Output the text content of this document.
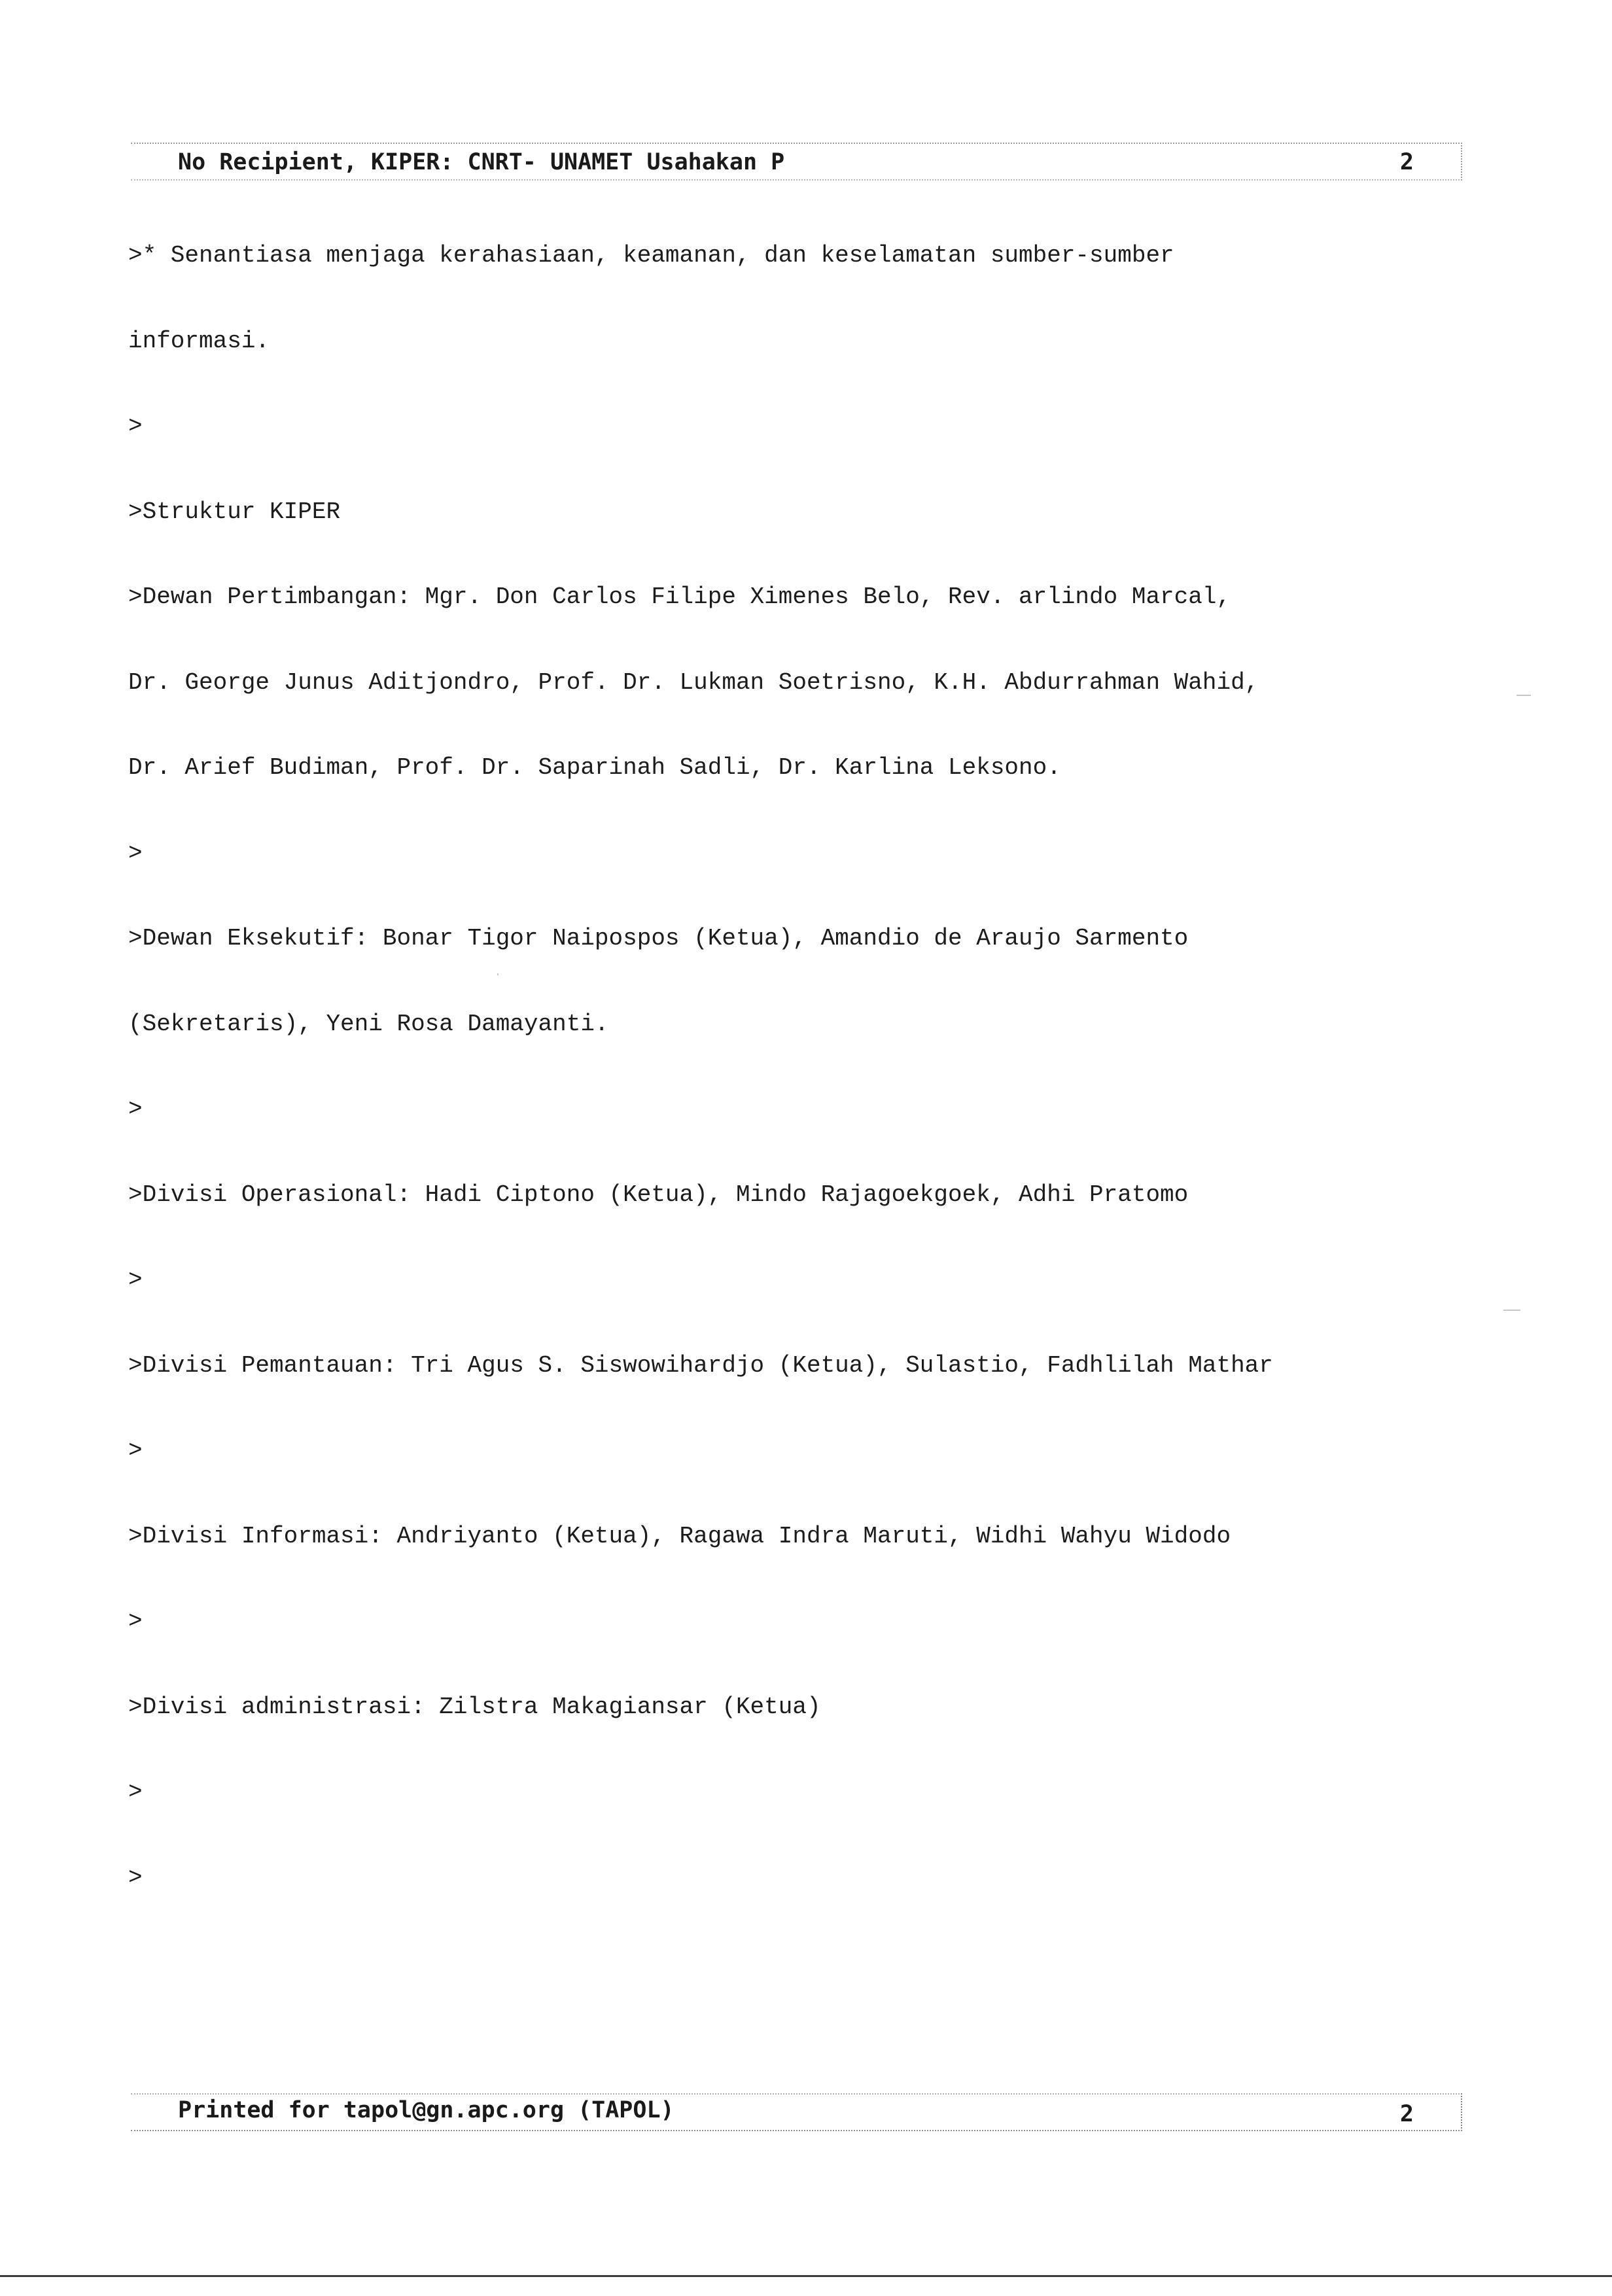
No Recipient, KIPER: CNRT- UNAMET Usahakan P	2

>* Senantiasa menjaga kerahasiaan, keamanan, dan keselamatan sumber-sumber

informasi.

>

>Struktur KIPER

>Dewan Pertimbangan: Mgr. Don Carlos Filipe Ximenes Belo, Rev. arlindo Marcal,

Dr. George Junus Aditjondro, Prof. Dr. Lukman Soetrisno, K.H. Abdurrahman Wahid,

Dr. Arief Budiman, Prof. Dr. Saparinah Sadli, Dr. Karlina Leksono.

>

>Dewan Eksekutif: Bonar Tigor Naipospos (Ketua), Amandio de Araujo Sarmento

(Sekretaris), Yeni Rosa Damayanti.

>

>Divisi Operasional: Hadi Ciptono (Ketua), Mindo Rajagoekgoek, Adhi Pratomo

>

>Divisi Pemantauan: Tri Agus S. Siswowihardjo (Ketua), Sulastio, Fadhlilah Mathar

>

>Divisi Informasi: Andriyanto (Ketua), Ragawa Indra Maruti, Widhi Wahyu Widodo

>

>Divisi administrasi: Zilstra Makagiansar (Ketua)

>

>

Printed for tapol@gn.apc.org (TAPOL)	2
